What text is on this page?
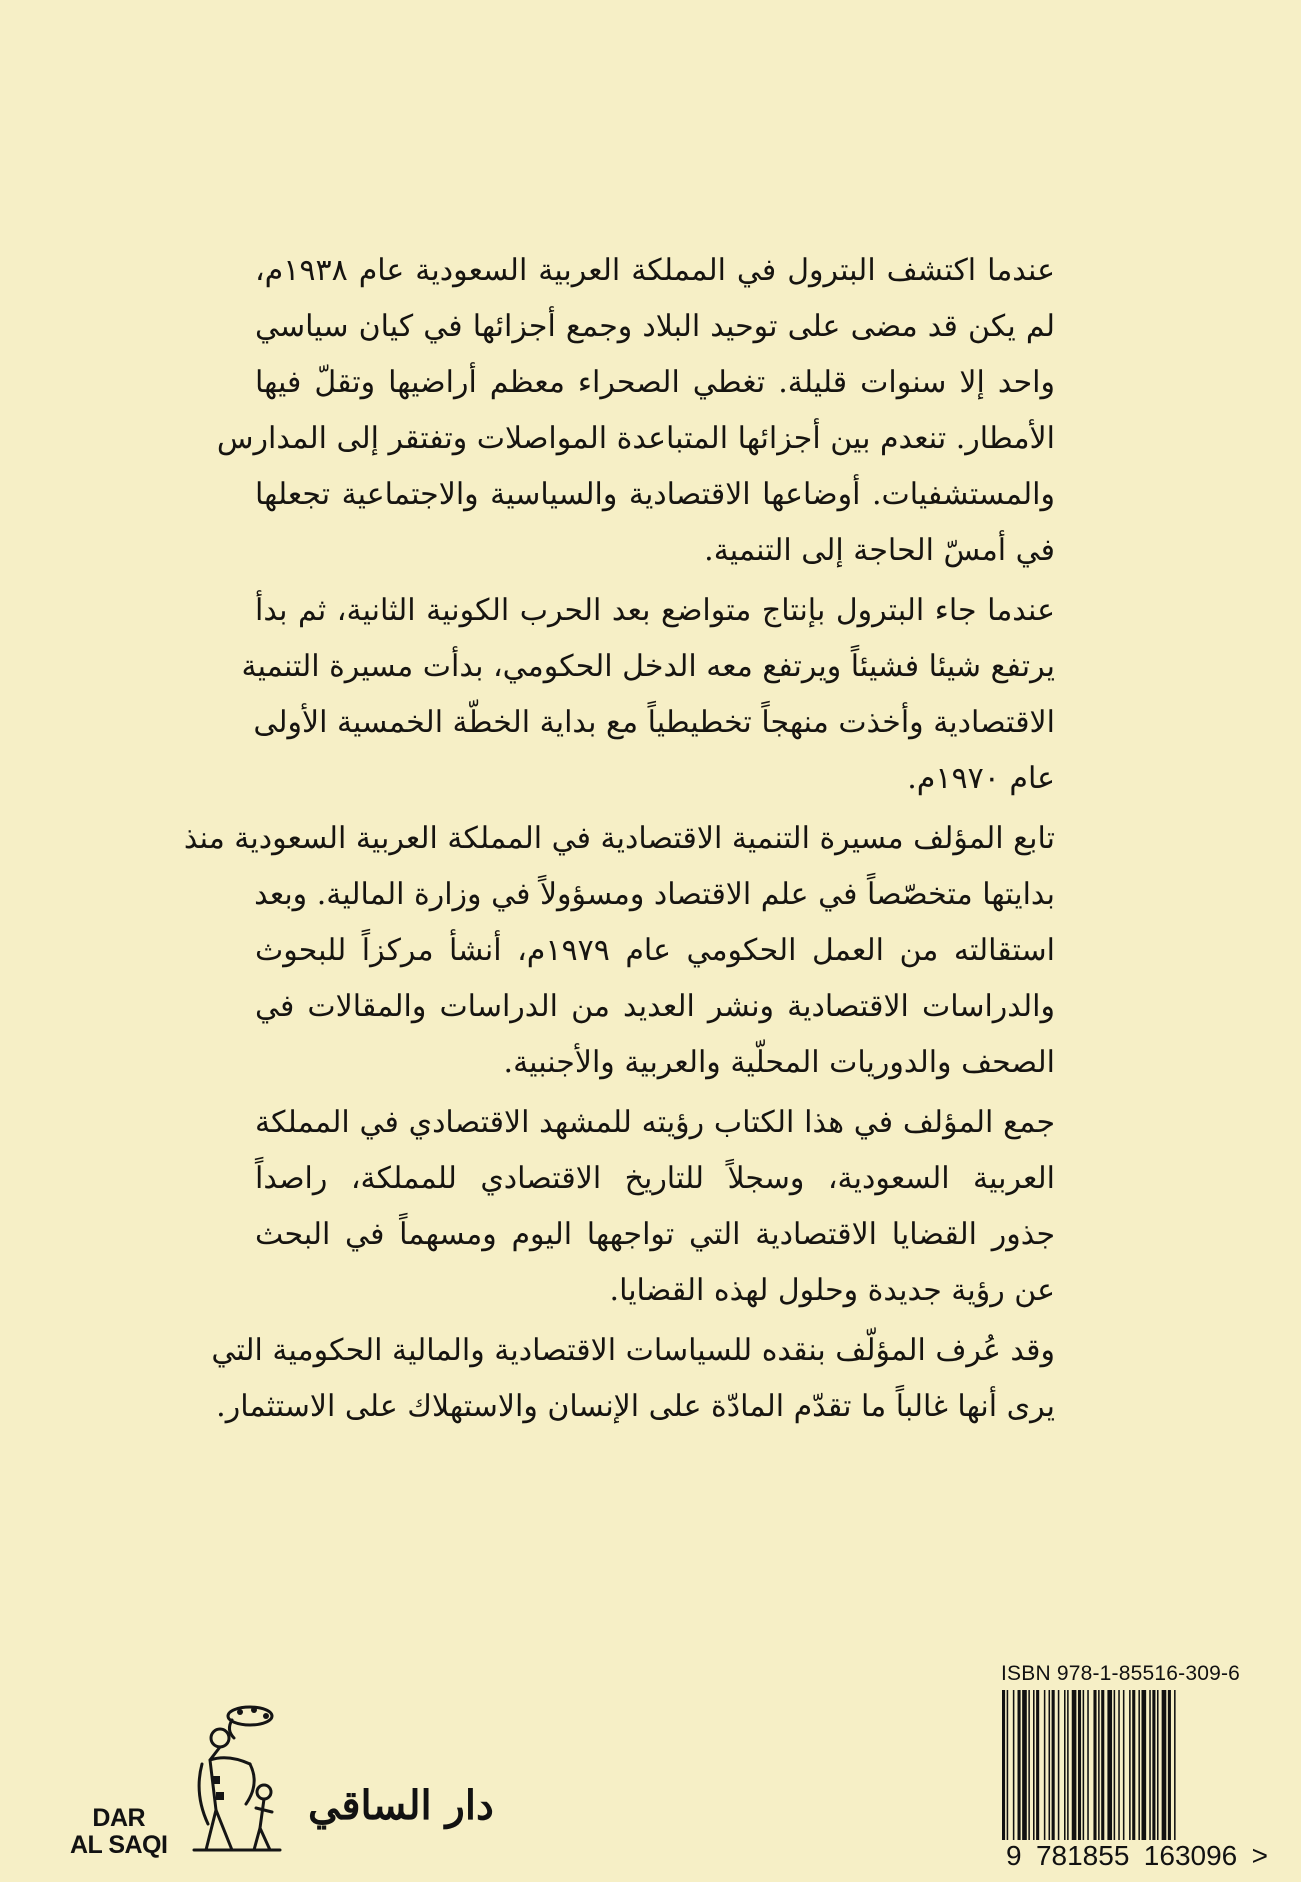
عندما اكتشف البترول في المملكة العربية السعودية عام ١٩٣٨م،
لم يكن قد مضى على توحيد البلاد وجمع أجزائها في كيان سياسي
واحد إلا سنوات قليلة. تغطي الصحراء معظم أراضيها وتقلّ فيها
الأمطار. تنعدم بين أجزائها المتباعدة المواصلات وتفتقر إلى المدارس
والمستشفيات. أوضاعها الاقتصادية والسياسية والاجتماعية تجعلها
في أمسّ الحاجة إلى التنمية.
عندما جاء البترول بإنتاج متواضع بعد الحرب الكونية الثانية، ثم بدأ
يرتفع شيئا فشيئاً ويرتفع معه الدخل الحكومي، بدأت مسيرة التنمية
الاقتصادية وأخذت منهجاً تخطيطياً مع بداية الخطّة الخمسية الأولى
عام ١٩٧٠م.
تابع المؤلف مسيرة التنمية الاقتصادية في المملكة العربية السعودية منذ
بدايتها متخصّصاً في علم الاقتصاد ومسؤولاً في وزارة المالية. وبعد
استقالته من العمل الحكومي عام ١٩٧٩م، أنشأ مركزاً للبحوث
والدراسات الاقتصادية ونشر العديد من الدراسات والمقالات في
الصحف والدوريات المحلّية والعربية والأجنبية.
جمع المؤلف في هذا الكتاب رؤيته للمشهد الاقتصادي في المملكة
العربية السعودية، وسجلاً للتاريخ الاقتصادي للمملكة، راصداً
جذور القضايا الاقتصادية التي تواجهها اليوم ومسهماً في البحث
عن رؤية جديدة وحلول لهذه القضايا.
وقد عُرف المؤلّف بنقده للسياسات الاقتصادية والمالية الحكومية التي
يرى أنها غالباً ما تقدّم المادّة على الإنسان والاستهلاك على الاستثمار.
ISBN 978-1-85516-309-6
9 781855 163096 >
DAR
AL SAQI
دار الساقي
